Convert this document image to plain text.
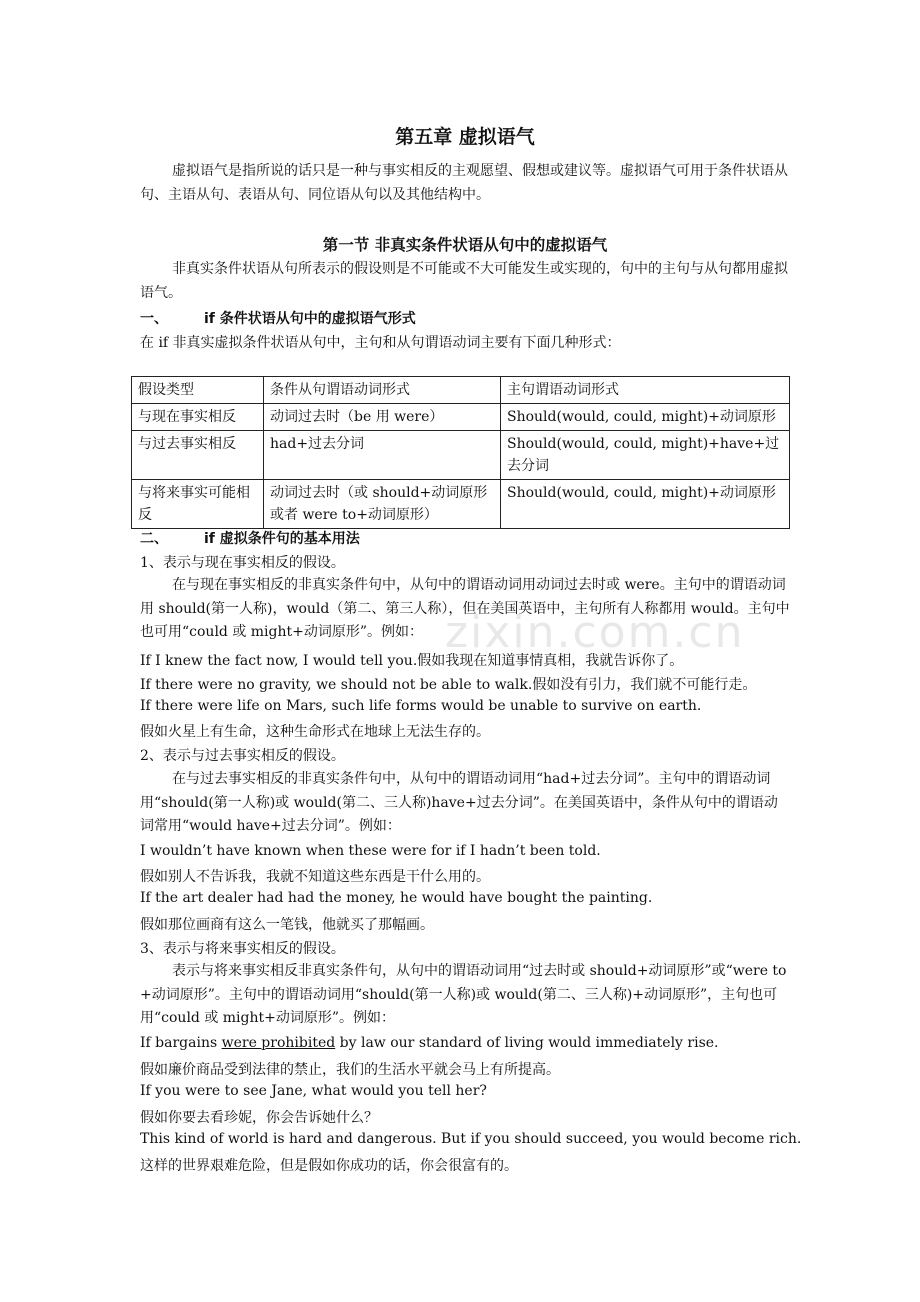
zixin.com.cn
第五章 虚拟语气
虚拟语气是指所说的话只是一种与事实相反的主观愿望、假想或建议等。虚拟语气可用于条件状语从句、主语从句、表语从句、同位语从句以及其他结构中。
第一节 非真实条件状语从句中的虚拟语气
非真实条件状语从句所表示的假设则是不可能或不大可能发生或实现的，句中的主句与从句都用虚拟语气。
一、	if 条件状语从句中的虚拟语气形式
在 if 非真实虚拟条件状语从句中，主句和从句谓语动词主要有下面几种形式：
假设类型	条件从句谓语动词形式	主句谓语动词形式
与现在事实相反	动词过去时（be 用 were）	Should(would, could, might)+动词原形
与过去事实相反	had+过去分词	Should(would, could, might)+have+过去分词
与将来事实可能相反	动词过去时（或 should+动词原形或者 were to+动词原形）	Should(would, could, might)+动词原形
二、	if 虚拟条件句的基本用法
1、表示与现在事实相反的假设。
在与现在事实相反的非真实条件句中，从句中的谓语动词用动词过去时或 were。主句中的谓语动词用 should(第一人称)，would（第二、第三人称），但在美国英语中，主句所有人称都用 would。主句中也可用“could 或 might+动词原形”。例如：
If I knew the fact now, I would tell you.假如我现在知道事情真相，我就告诉你了。
If there were no gravity, we should not be able to walk.假如没有引力，我们就不可能行走。
If there were life on Mars, such life forms would be unable to survive on earth.
假如火星上有生命，这种生命形式在地球上无法生存的。
2、表示与过去事实相反的假设。
在与过去事实相反的非真实条件句中，从句中的谓语动词用“had+过去分词”。主句中的谓语动词用“should(第一人称)或 would(第二、三人称)have+过去分词”。在美国英语中，条件从句中的谓语动词常用“would have+过去分词”。例如：
I wouldn’t have known when these were for if I hadn’t been told.
假如别人不告诉我，我就不知道这些东西是干什么用的。
If the art dealer had had the money, he would have bought the painting.
假如那位画商有这么一笔钱，他就买了那幅画。
3、表示与将来事实相反的假设。
表示与将来事实相反非真实条件句，从句中的谓语动词用“过去时或 should+动词原形”或“were to +动词原形”。主句中的谓语动词用“should(第一人称)或 would(第二、三人称)+动词原形”，主句也可用“could 或 might+动词原形”。例如：
If bargains were prohibited by law our standard of living would immediately rise.
假如廉价商品受到法律的禁止，我们的生活水平就会马上有所提高。
If you were to see Jane, what would you tell her?
假如你要去看珍妮，你会告诉她什么？
This kind of world is hard and dangerous. But if you should succeed, you would become rich.
这样的世界艰难危险，但是假如你成功的话，你会很富有的。
